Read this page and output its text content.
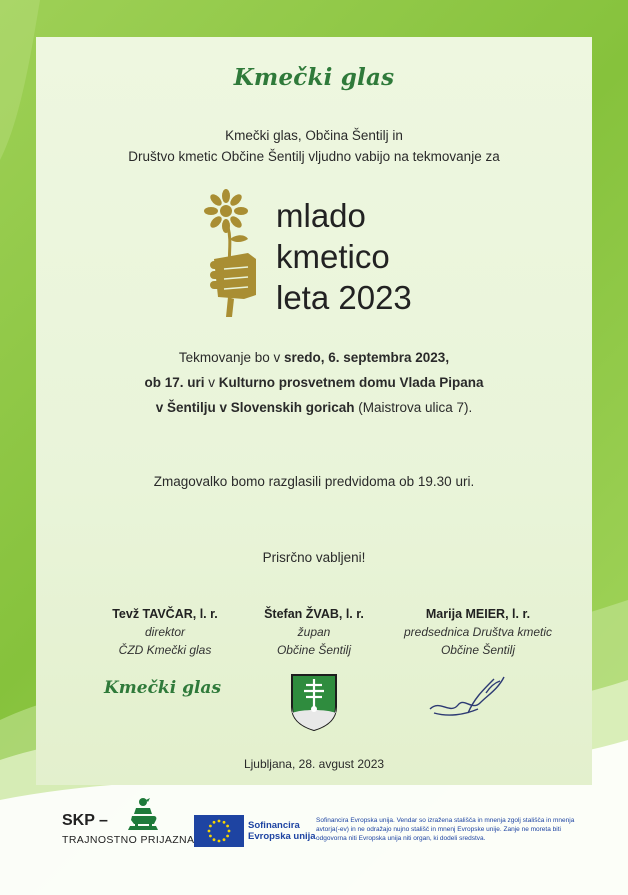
Kmečki glas
Kmečki glas, Občina Šentilj in
Društvo kmetic Občine Šentilj vljudno vabijo na tekmovanje za
mlado
kmetico
leta 2023
Tekmovanje bo v sredo, 6. septembra 2023,
ob 17. uri v Kulturno prosvetnem domu Vlada Pipana
v Šentilju v Slovenskih goricah (Maistrova ulica 7).
Zmagovalko bomo razglasili predvidoma ob 19.30 uri.
Prisrčno vabljeni!
Tevž TAVČAR, l. r.
direktor
ČZD Kmečki glas
Štefan ŽVAB, l. r.
župan
Občine Šentilj
Marija MEIER, l. r.
predsednica Društva kmetic
Občine Šentilj
Kmečki glas
Ljubljana, 28. avgust 2023
SKP –
TRAJNOSTNO PRIJAZNA
Sofinancira
Evropska unija
Sofinancira Evropska unija. Vendar so izražena stališča in mnenja zgolj stališča in mnenja avtorja(-ev) in ne odražajo nujno stališč in mnenj Evropske unije. Zanje ne moreta biti odgovorna niti Evropska unija niti organ, ki dodeli sredstva.
